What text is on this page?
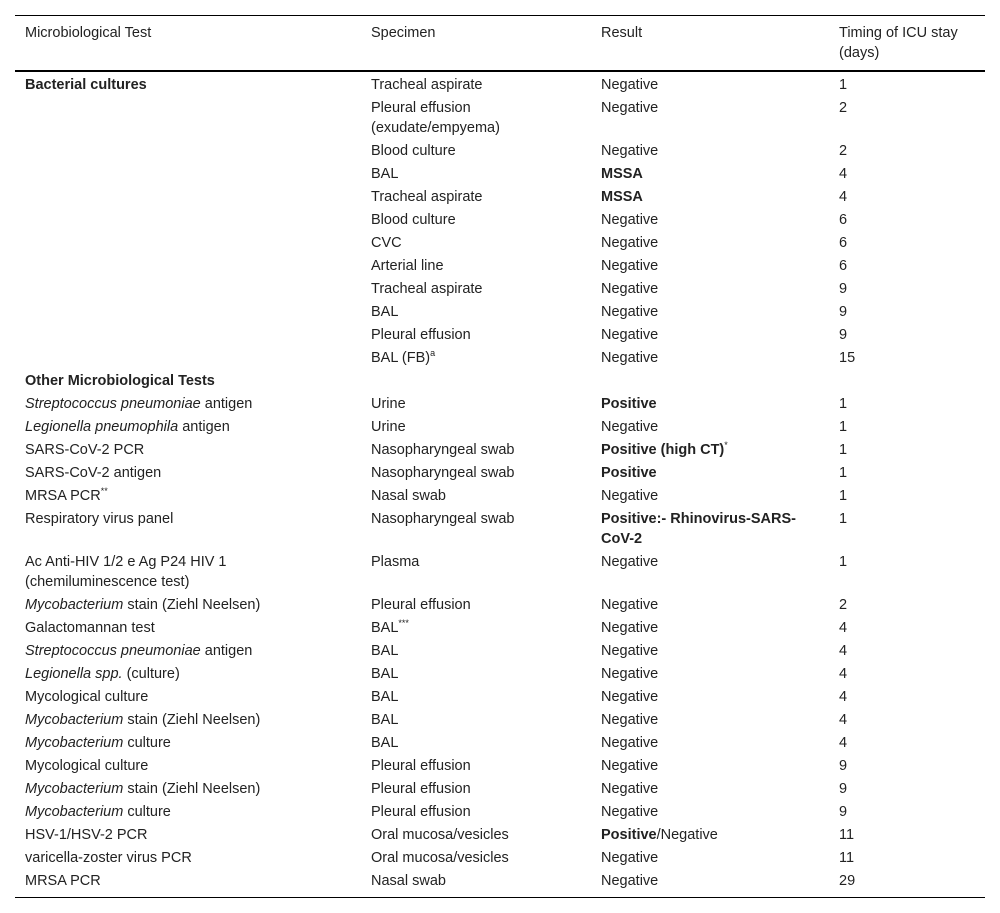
Microbiological Test	Specimen	Result	Timing of ICU stay (days)
Bacterial cultures	Tracheal aspirate	Negative	1
	Pleural effusion (exudate/empyema)	Negative	2
	Blood culture	Negative	2
	BAL	MSSA	4
	Tracheal aspirate	MSSA	4
	Blood culture	Negative	6
	CVC	Negative	6
	Arterial line	Negative	6
	Tracheal aspirate	Negative	9
	BAL	Negative	9
	Pleural effusion	Negative	9
	BAL (FB)$^a$	Negative	15
Other Microbiological Tests			
Streptococcus pneumoniae antigen	Urine	Positive	1
Legionella pneumophila antigen	Urine	Negative	1
SARS-CoV-2 PCR	Nasopharyngeal swab	Positive (high CT)*	1
SARS-CoV-2 antigen	Nasopharyngeal swab	Positive	1
MRSA PCR**	Nasal swab	Negative	1
Respiratory virus panel	Nasopharyngeal swab	Positive:- Rhinovirus-SARS-CoV-2	1
Ac Anti-HIV 1/2 e Ag P24 HIV 1 (chemiluminescence test)	Plasma	Negative	1
Mycobacterium stain (Ziehl Neelsen)	Pleural effusion	Negative	2
Galactomannan test	BAL***	Negative	4
Streptococcus pneumoniae antigen	BAL	Negative	4
Legionella spp. (culture)	BAL	Negative	4
Mycological culture	BAL	Negative	4
Mycobacterium stain (Ziehl Neelsen)	BAL	Negative	4
Mycobacterium culture	BAL	Negative	4
Mycological culture	Pleural effusion	Negative	9
Mycobacterium stain (Ziehl Neelsen)	Pleural effusion	Negative	9
Mycobacterium culture	Pleural effusion	Negative	9
HSV-1/HSV-2 PCR	Oral mucosa/vesicles	Positive/Negative	11
varicella-zoster virus PCR	Oral mucosa/vesicles	Negative	11
MRSA PCR	Nasal swab	Negative	29
